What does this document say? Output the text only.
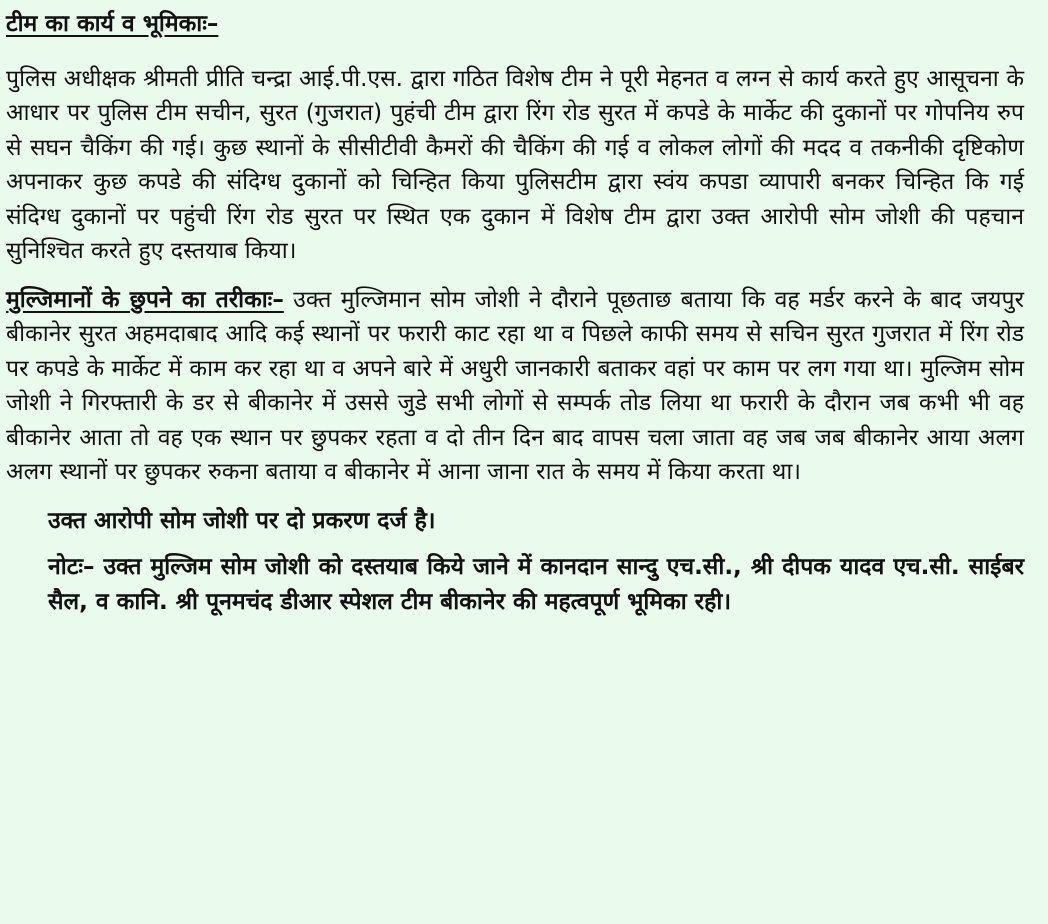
टीम का कार्य व भूमिकाः–

पुलिस अधीक्षक श्रीमती प्रीति चन्द्रा आई.पी.एस. द्वारा गठित विशेष टीम ने पूरी मेहनत व लग्न से कार्य करते हुए आसूचना के आधार पर पुलिस टीम सचीन, सुरत (गुजरात) पुहंची टीम द्वारा रिंग रोड सुरत में कपडे के मार्केट की दुकानों पर गोपनिय रुप से सघन चैकिंग की गई। कुछ स्थानों के सीसीटीवी कैमरों की चैकिंग की गई व लोकल लोगों की मदद व तकनीकी दृष्टिकोण अपनाकर कुछ कपडे की संदिग्ध दुकानों को चिन्हित किया पुलिसटीम द्वारा स्वंय कपडा व्यापारी बनकर चिन्हित कि गई संदिग्ध दुकानों पर पहुंची रिंग रोड सुरत पर स्थित एक दुकान में विशेष टीम द्वारा उक्त आरोपी सोम जोशी की पहचान सुनिश्चित करते हुए दस्तयाब किया।

मुल्जिमानों के छुपने का तरीकाः– उक्त मुल्जिमान सोम जोशी ने दौराने पूछताछ बताया कि वह मर्डर करने के बाद जयपुर बीकानेर सुरत अहमदाबाद आदि कई स्थानों पर फरारी काट रहा था व पिछले काफी समय से सचिन सुरत गुजरात में रिंग रोड पर कपडे के मार्केट में काम कर रहा था व अपने बारे में अधुरी जानकारी बताकर वहां पर काम पर लग गया था। मुल्जिम सोम जोशी ने गिरफ्तारी के डर से बीकानेर में उससे जुडे सभी लोगों से सम्पर्क तोड लिया था फरारी के दौरान जब कभी भी वह बीकानेर आता तो वह एक स्थान पर छुपकर रहता व दो तीन दिन बाद वापस चला जाता वह जब जब बीकानेर आया अलग अलग स्थानों पर छुपकर रुकना बताया व बीकानेर में आना जाना रात के समय में किया करता था।

उक्त आरोपी सोम जोशी पर दो प्रकरण दर्ज है।

नोटः– उक्त मुल्जिम सोम जोशी को दस्तयाब किये जाने में कानदान सान्दु एच.सी., श्री दीपक यादव एच.सी. साईबर सैल, व कानि. श्री पूनमचंद डीआर स्पेशल टीम बीकानेर की महत्वपूर्ण भूमिका रही।
